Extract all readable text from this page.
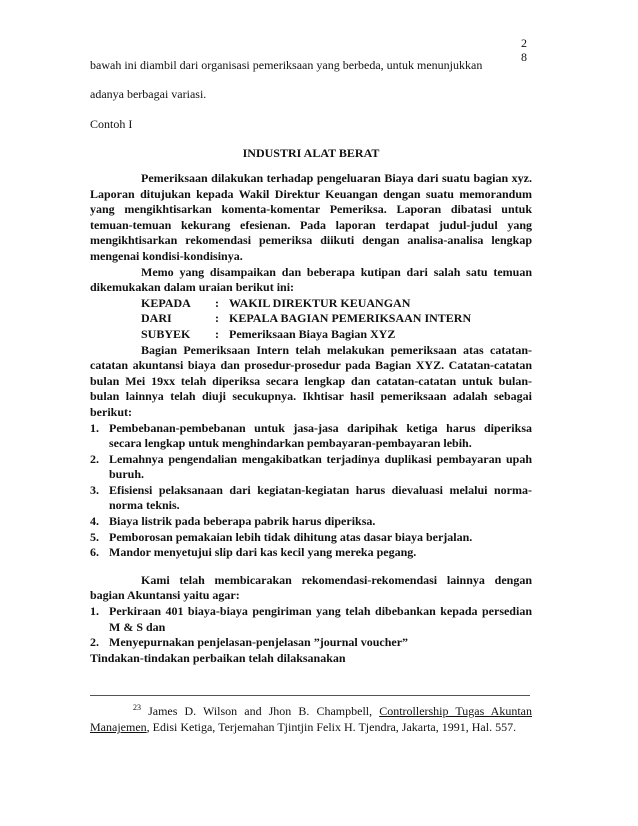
2
8

bawah ini diambil dari organisasi pemeriksaan yang berbeda, untuk menunjukkan
adanya berbagai variasi.

Contoh I
INDUSTRI ALAT BERAT

Pemeriksaan dilakukan terhadap pengeluaran Biaya dari suatu bagian xyz. Laporan ditujukan kepada Wakil Direktur Keuangan dengan suatu memorandum yang mengikhtisarkan komenta-komentar Pemeriksa. Laporan dibatasi untuk temuan-temuan kekurang efesienan. Pada laporan terdapat judul-judul yang mengikhtisarkan rekomendasi pemeriksa diikuti dengan analisa-analisa lengkap mengenai kondisi-kondisinya.

Memo yang disampaikan dan beberapa kutipan dari salah satu temuan dikemukakan dalam uraian berikut ini:

KEPADA	: WAKIL DIREKTUR KEUANGAN
DARI	: KEPALA BAGIAN PEMERIKSAAN INTERN
SUBYEK	: Pemeriksaan Biaya Bagian XYZ

Bagian Pemeriksaan Intern telah melakukan pemeriksaan atas catatan-catatan akuntansi biaya dan prosedur-prosedur pada Bagian XYZ. Catatan-catatan bulan Mei 19xx telah diperiksa secara lengkap dan catatan-catatan untuk bulan-bulan lainnya telah diuji secukupnya. Ikhtisar hasil pemeriksaan adalah sebagai berikut:

1. Pembebanan-pembebanan untuk jasa-jasa daripihak ketiga harus diperiksa secara lengkap untuk menghindarkan pembayaran-pembayaran lebih.
2. Lemahnya pengendalian mengakibatkan terjadinya duplikasi pembayaran upah buruh.
3. Efisiensi pelaksanaan dari kegiatan-kegiatan harus dievaluasi melalui norma-norma teknis.
4. Biaya listrik pada beberapa pabrik harus diperiksa.
5. Pemborosan pemakaian lebih tidak dihitung atas dasar biaya berjalan.
6. Mandor menyetujui slip dari kas kecil yang mereka pegang.

Kami telah membicarakan rekomendasi-rekomendasi lainnya dengan bagian Akuntansi yaitu agar:

1. Perkiraan 401 biaya-biaya pengiriman yang telah dibebankan kepada persedian M & S dan
2. Menyepurnakan penjelasan-penjelasan ”journal voucher”
Tindakan-tindakan perbaikan telah dilaksanakan
$^{23}$ James D. Wilson and Jhon B. Champbell, Controllership Tugas Akuntan Manajemen, Edisi Ketiga, Terjemahan Tjintjin Felix H. Tjendra, Jakarta, 1991, Hal. 557.
